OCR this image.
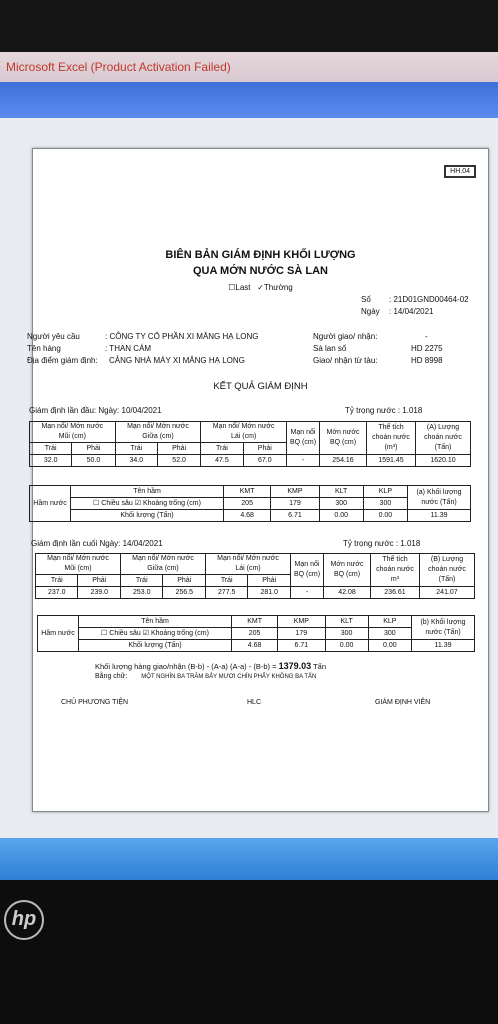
Microsoft Excel (Product Activation Failed)
hp
HH.04
BIÊN BẢN GIÁM ĐỊNH KHỐI LƯỢNG
QUA MỚN NƯỚC SÀ LAN
☐Last ✓Thường
Số : 21D01GND00464-02
Ngày : 14/04/2021
Người yêu cầu	: CÔNG TY CỔ PHẦN XI MĂNG HẠ LONG
Tên hàng	: THAN CÁM
Địa điểm giám định: CẢNG NHÀ MÁY XI MĂNG HẠ LONG
Người giao/ nhận:	-
Sà lan số	HD 2275
Giao/ nhận từ tàu:	HD 8998
KẾT QUẢ GIÁM ĐỊNH
Giám định lần đầu: Ngày: 10/04/2021	Tỷ trọng nước : 1.018
Mạn nổi/ Mớn nước
Mũi (cm)		Mạn nổi/ Mớn nước
Giữa (cm)		Mạn nổi/ Mớn nước
Lái (cm)		Mạn nổi BQ (cm)	Mớn nước BQ (cm)	Thể tích choán nước (m³)	(A) Lượng choán nước (Tấn)
Trái	Phải	Trái	Phải	Trái	Phải				
32.0	50.0	34.0	52.0	47.5	67.0	-	254.16	1591.45	1620.10
Hầm nước	Tên hầm	KMT	KMP	KLT	KLP	(a) Khối lượng nước (Tấn)
	☐ Chiều sâu ☑ Khoảng trống (cm)	205	179	300	300	
	Khối lượng (Tấn)	4.68	6.71	0.00	0.00	11.39
Giám định lần cuối Ngày: 14/04/2021	Tỷ trọng nước : 1.018
Mạn nổi/ Mớn nước
Mũi (cm)		Mạn nổi/ Mớn nước
Giữa (cm)		Mạn nổi/ Mớn nước
Lái (cm)		Mạn nổi BQ (cm)	Mớn nước BQ (cm)	Thể tích choán nước m³	(B) Lượng choán nước (Tấn)
Trái	Phải	Trái	Phải	Trái	Phải				
237.0	239.0	253.0	256.5	277.5	281.0	-	42.08	236.61	241.07
Hầm nước	Tên hầm	KMT	KMP	KLT	KLP	(b) Khối lượng nước (Tấn)
	☐ Chiều sâu ☑ Khoảng trống (cm)	205	179	300	300	
	Khối lượng (Tấn)	4.68	6.71	0.00	0.00	11.39
Khối lượng hàng giao/nhận (B-b) - (A-a) (A-a) - (B-b) = 1379.03 Tấn
Bằng chữ: MỘT NGHÌN BA TRĂM BẢY MƯƠI CHÍN PHẨY KHÔNG BA TẤN
CHỦ PHƯƠNG TIỆN	HLC	GIÁM ĐỊNH VIÊN
